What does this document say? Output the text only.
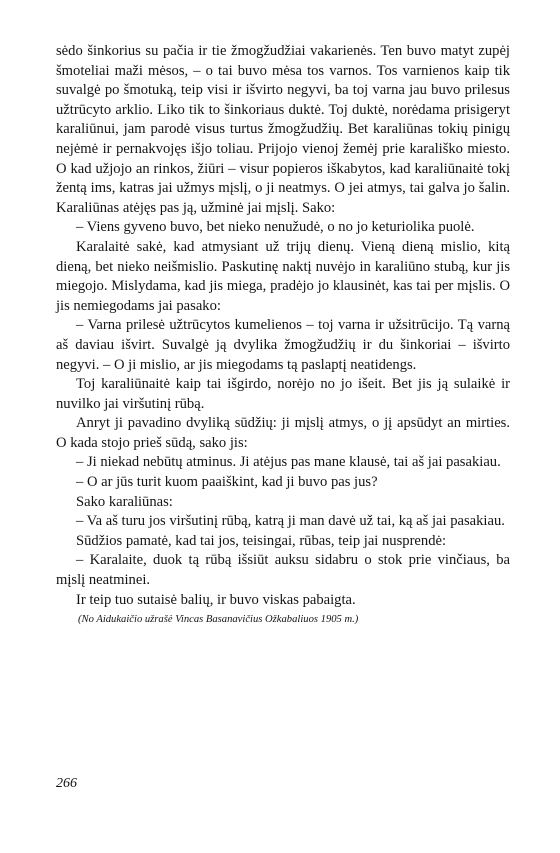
sėdo šinkorius su pačia ir tie žmogžudžiai vakarienės. Ten buvo matyt zupėj šmoteliai maži mėsos, – o tai buvo mėsa tos varnos. Tos varnienos kaip tik suvalgė po šmotuką, teip visi ir išvirto negyvi, ba toj varna jau buvo prilesus užtrūcyto arklio. Liko tik to šinkoriaus duktė. Toj duktė, norėdama prisigeryt karaliūnui, jam parodė visus turtus žmogžudžių. Bet karaliūnas tokių pinigų nejėmė ir pernakvojęs išjo toliau. Prijojo vienoj žemėj prie karališko miesto. O kad užjojo an rinkos, žiūri – visur popieros iškabytos, kad karaliūnaitė tokį žentą ims, katras jai užmys mįslį, o ji neatmys. O jei atmys, tai galva jo šalin. Karaliūnas atėjęs pas ją, užminė jai mįslį. Sako:

– Viens gyveno buvo, bet nieko nenužudė, o no jo keturiolika puolė.

Karalaitė sakė, kad atmysiant už trijų dienų. Vieną dieną mislio, kitą dieną, bet nieko neišmislio. Paskutinę naktį nuvėjo in karaliūno stubą, kur jis miegojo. Mislydama, kad jis miega, pradėjo jo klausinėt, kas tai per mįslis. O jis nemiegodams jai pasako:

– Varna prilesė užtrūcytos kumelienos – toj varna ir užsitrūcijo. Tą varną aš daviau išvirt. Suvalgė ją dvylika žmogžudžių ir du šinkoriai – išvirto negyvi. – O ji mislio, ar jis miegodams tą paslaptį neatidengs.

Toj karaliūnaitė kaip tai išgirdo, norėjo no jo išeit. Bet jis ją sulaikė ir nuvilko jai viršutinį rūbą.

Anryt ji pavadino dvyliką sūdžių: ji mįslį atmys, o jį apsūdyt an mirties. O kada stojo prieš sūdą, sako jis:

– Ji niekad nebūtų atminus. Ji atėjus pas mane klausė, tai aš jai pasakiau.

– O ar jūs turit kuom paaiškint, kad ji buvo pas jus?

Sako karaliūnas:

– Va aš turu jos viršutinį rūbą, katrą ji man davė už tai, ką aš jai pasakiau.

Sūdžios pamatė, kad tai jos, teisingai, rūbas, teip jai nusprendė:

– Karalaite, duok tą rūbą išsiūt auksu sidabru o stok prie vinčiaus, ba mįslį neatminei.

Ir teip tuo sutaisė balių, ir buvo viskas pabaigta.

(No Aidukaičio užrašė Vincas Basanavičius Ožkabaliuos 1905 m.)

266
